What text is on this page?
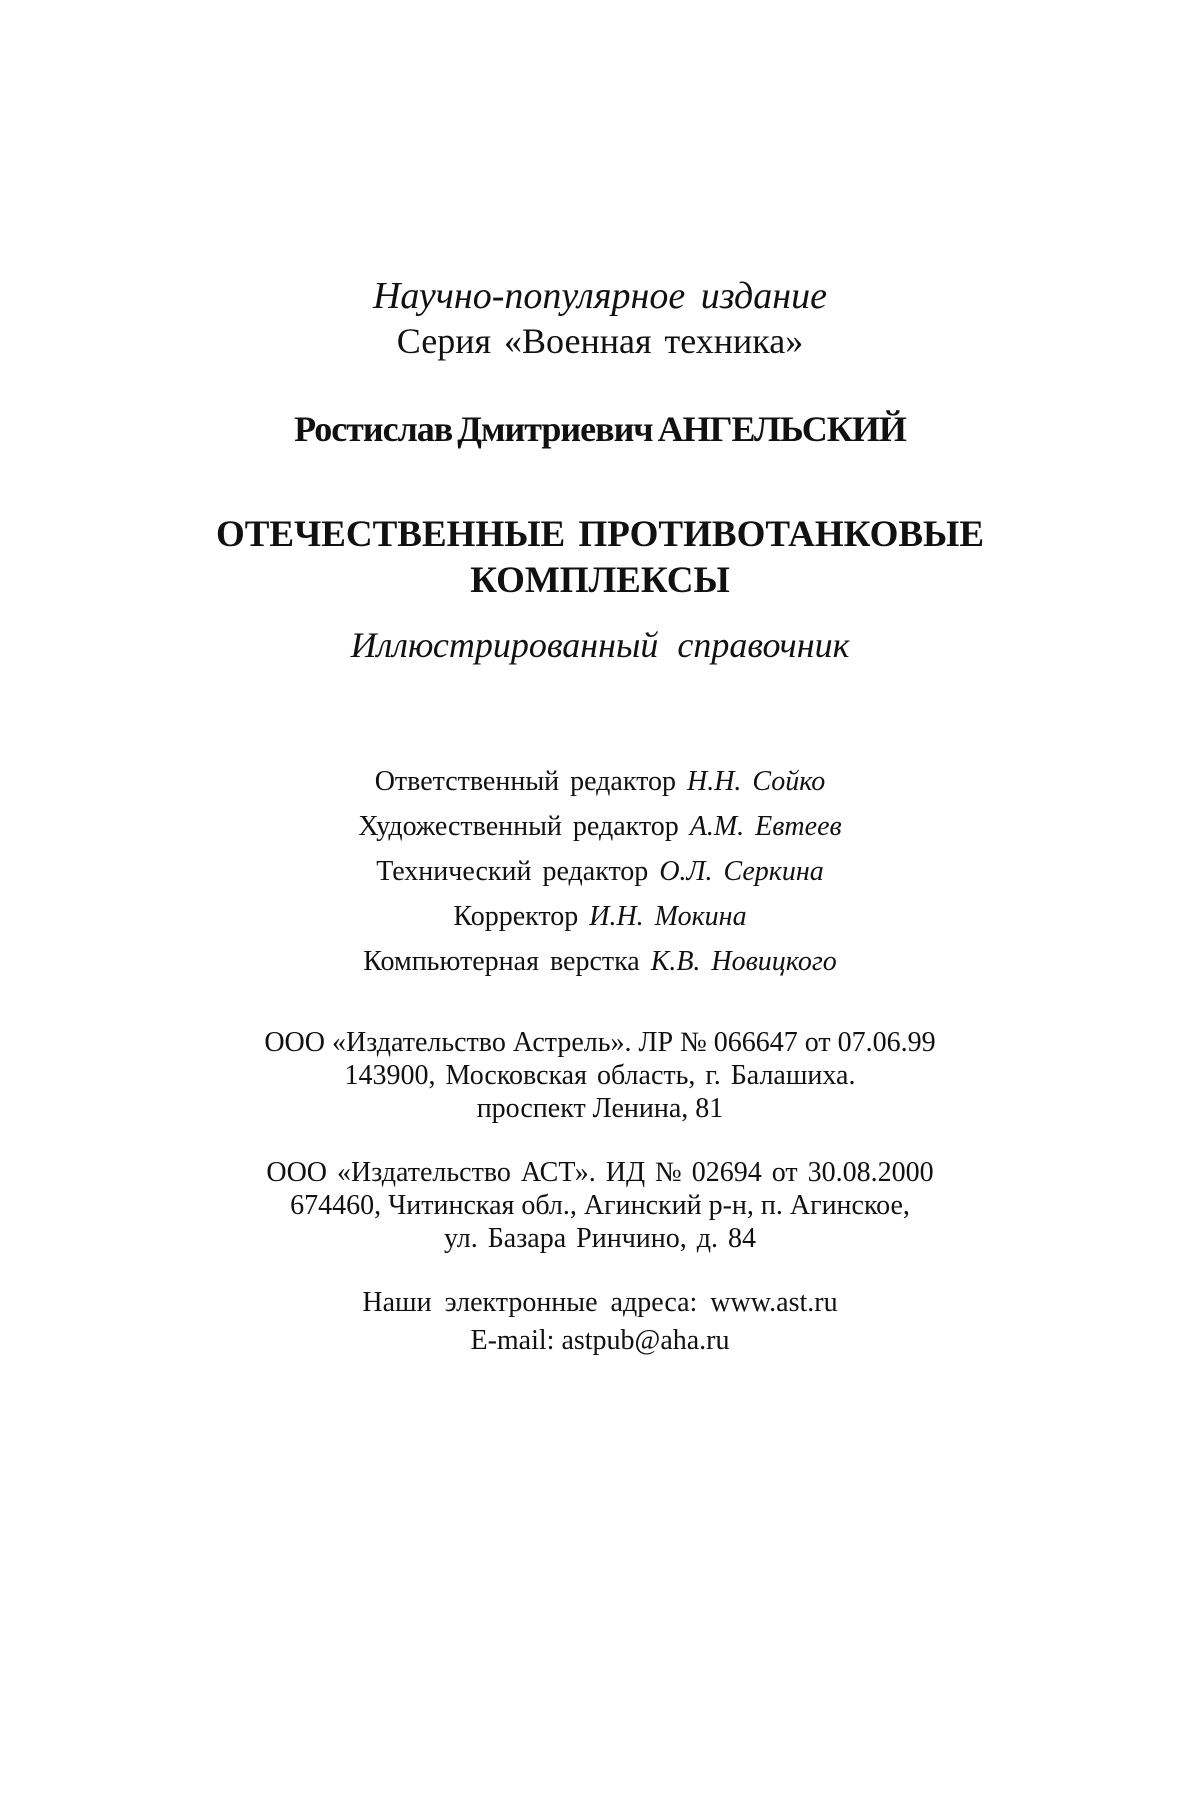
Научно-популярное издание
Серия «Военная техника»
Ростислав Дмитриевич АНГЕЛЬСКИЙ
ОТЕЧЕСТВЕННЫЕ ПРОТИВОТАНКОВЫЕ
КОМПЛЕКСЫ
Иллюстрированный справочник
Ответственный редактор Н.Н. Сойко
Художественный редактор А.М. Евтеев
Технический редактор О.Л. Серкина
Корректор И.Н. Мокина
Компьютерная верстка К.В. Новицкого
ООО «Издательство Астрель». ЛР № 066647 от 07.06.99
143900, Московская область, г. Балашиха.
проспект Ленина, 81
ООО «Издательство АСТ». ИД № 02694 от 30.08.2000
674460, Читинская обл., Агинский р-н, п. Агинское,
ул. Базара Ринчино, д. 84
Наши электронные адреса: www.ast.ru
E-mail: astpub@aha.ru
